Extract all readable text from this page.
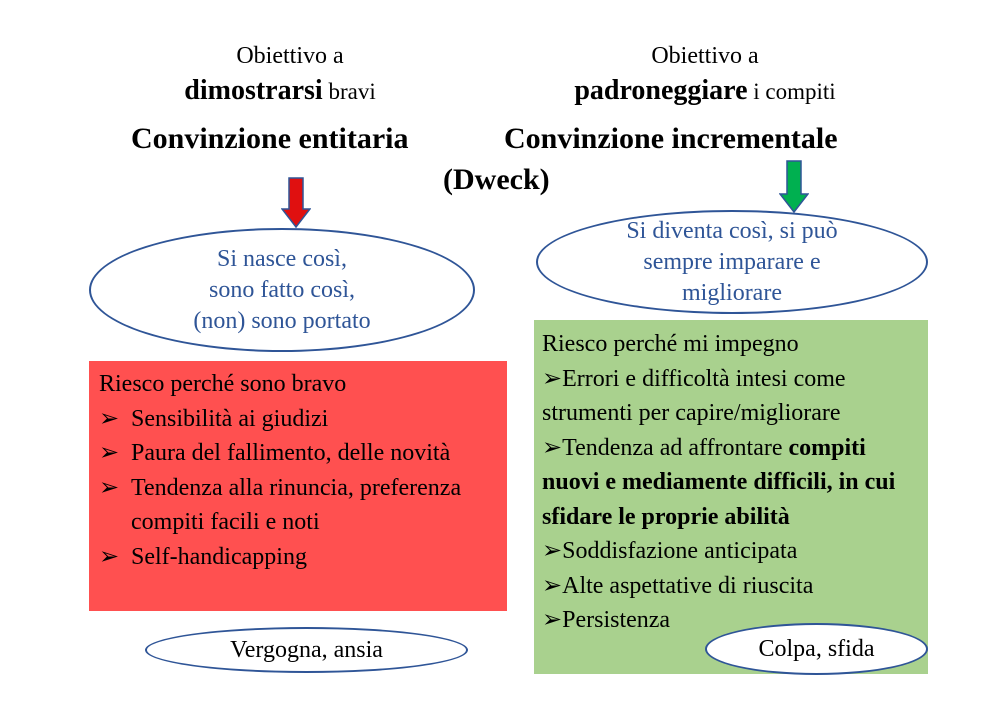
Obiettivo a
dimostrarsi bravi
Obiettivo a
padroneggiare i compiti
Convinzione entitaria	Convinzione incrementale
(Dweck)
Si nasce così,
sono fatto così,
(non) sono portato
Si diventa così, si può
sempre imparare e
migliorare
Riesco perché sono bravo
➢ Sensibilità ai giudizi
➢ Paura del fallimento, delle novità
➢ Tendenza alla rinuncia, preferenza compiti facili e noti
➢ Self-handicapping
Riesco perché mi impegno
➢Errori e difficoltà intesi come strumenti per capire/migliorare
➢Tendenza ad affrontare compiti nuovi e mediamente difficili, in cui sfidare le proprie abilità
➢Soddisfazione anticipata
➢Alte aspettative di riuscita
➢Persistenza
Vergogna, ansia	Colpa, sfida
